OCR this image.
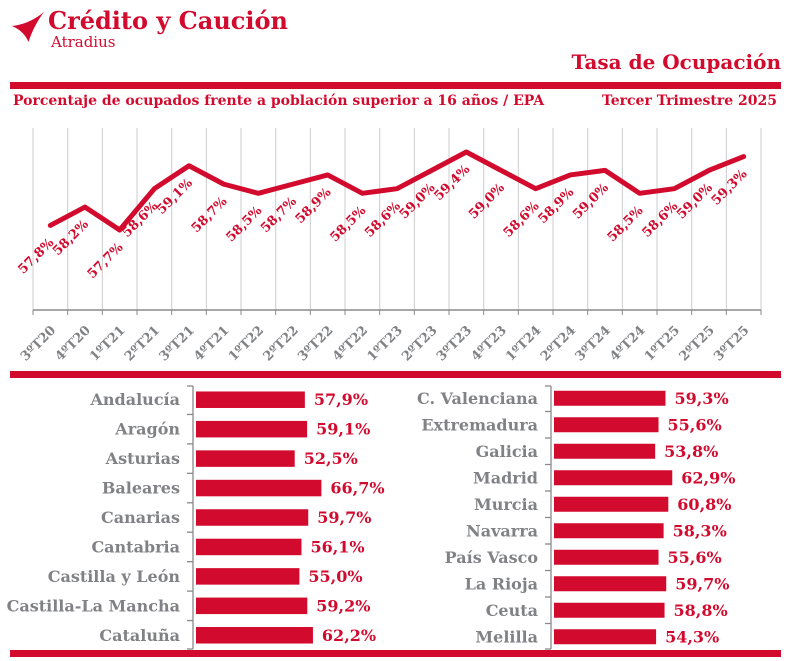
Crédito y Caución
Atradius
Tasa de Ocupación
Porcentaje de ocupados frente a población superior a 16 años / EPA	Tercer Trimestre 2025
57,8%
3ºT20
58,2%
4ºT20
57,7%
1ºT21
58,6%
2ºT21
59,1%
3ºT21
58,7%
4ºT21
58,5%
1ºT22
58,7%
2ºT22
58,9%
3ºT22
58,5%
4ºT22
58,6%
1ºT23
59,0%
2ºT23
59,4%
3ºT23
59,0%
4ºT23
58,6%
1ºT24
58,9%
2ºT24
59,0%
3ºT24
58,5%
4ºT24
58,6%
1ºT25
59,0%
2ºT25
59,3%
3ºT25
Andalucía	57,9%
Aragón	59,1%
Asturias	52,5%
Baleares	66,7%
Canarias	59,7%
Cantabria	56,1%
Castilla y León	55,0%
Castilla-La Mancha	59,2%
Cataluña	62,2%
C. Valenciana	59,3%
Extremadura	55,6%
Galicia	53,8%
Madrid	62,9%
Murcia	60,8%
Navarra	58,3%
País Vasco	55,6%
La Rioja	59,7%
Ceuta	58,8%
Melilla	54,3%
